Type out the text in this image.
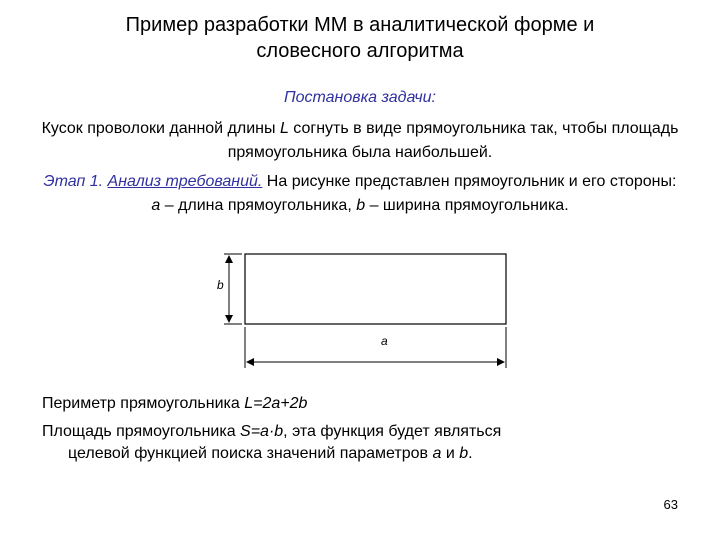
Пример разработки ММ в аналитической форме и
словесного алгоритма
Постановка задачи:
Кусок проволоки данной длины L согнуть в виде прямоугольника так, чтобы площадь прямоугольника была наибольшей.
Этап 1. Анализ требований. На рисунке представлен прямоугольник и его стороны: a – длина прямоугольника, b – ширина прямоугольника.
b
a
Периметр прямоугольника L=2a+2b
Площадь прямоугольника S=a·b, эта функция будет являться
целевой функцией поиска значений параметров a и b.
63
